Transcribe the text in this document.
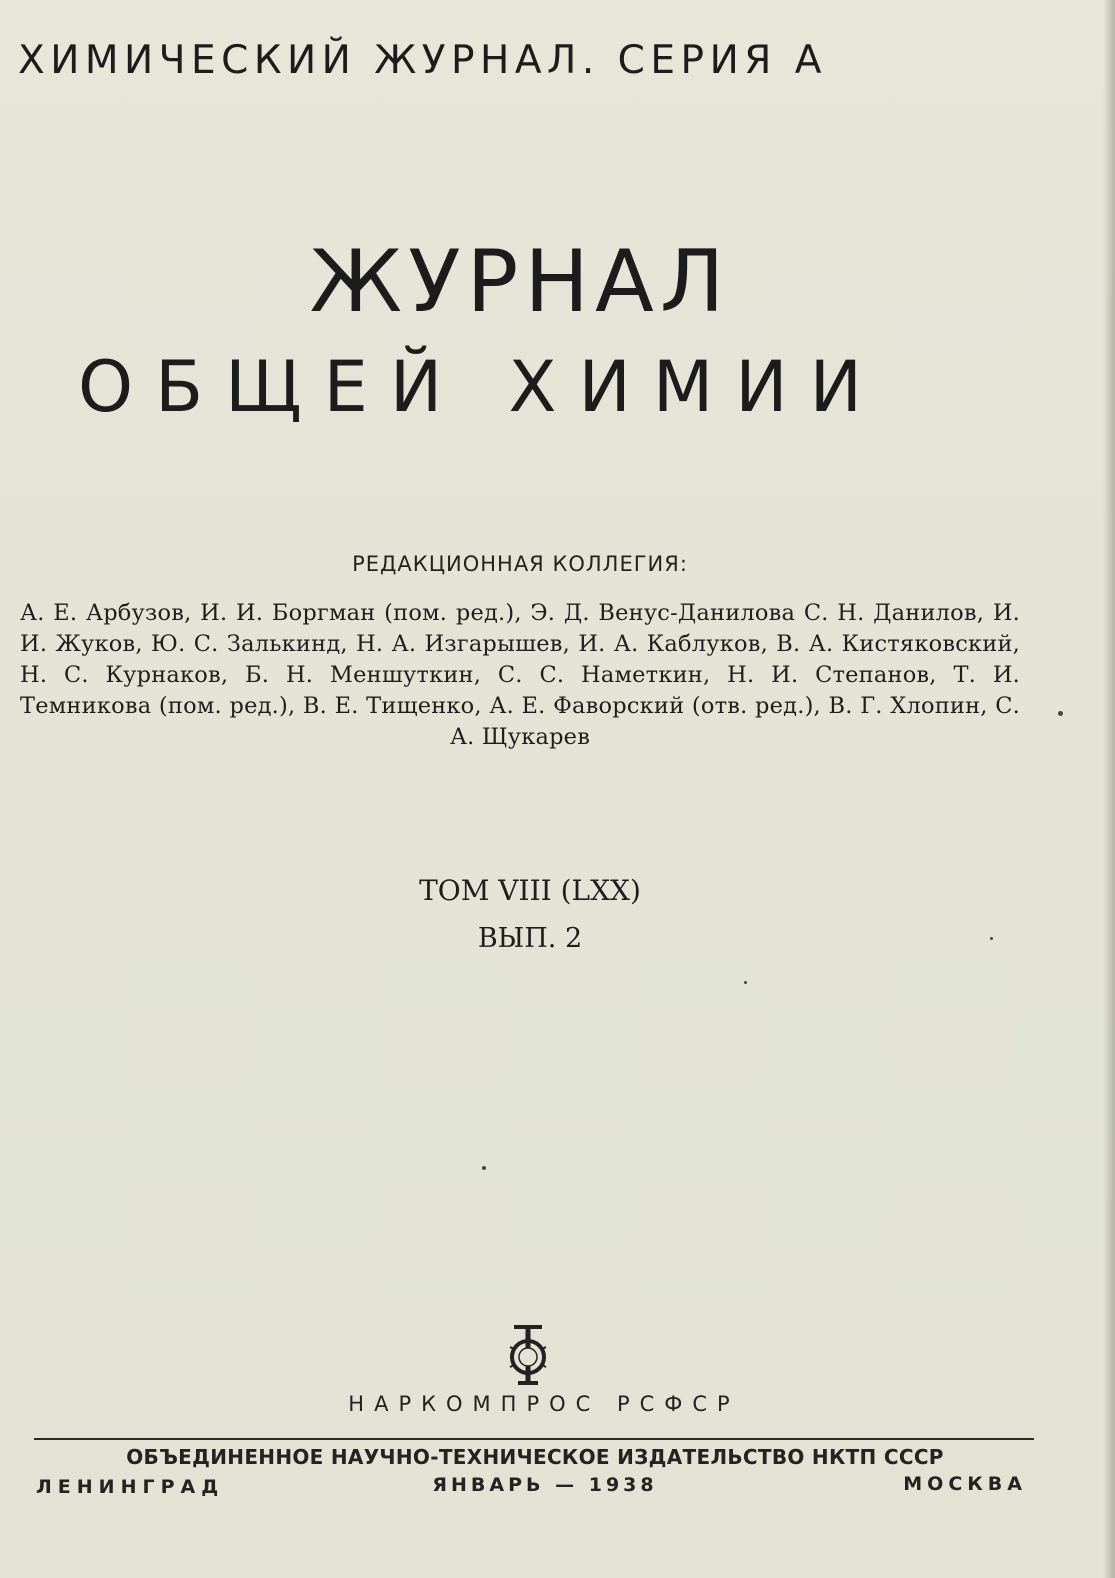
ХИМИЧЕСКИЙ ЖУРНАЛ. СЕРИЯ А
ЖУРНАЛ
ОБЩЕЙ ХИМИИ
РЕДАКЦИОННАЯ КОЛЛЕГИЯ:
А. Е. Арбузов, И. И. Боргман (пом. ред.), Э. Д. Венус-Данилова С. Н. Данилов, И. И. Жуков, Ю. С. Залькинд, Н. А. Изгарышев, И. А. Каблуков, В. А. Кистяковский, Н. С. Курнаков, Б. Н. Меншуткин, С. С. Наметкин, Н. И. Степанов, Т. И. Темникова (пом. ред.), В. Е. Тищенко, А. Е. Фаворский (отв. ред.), В. Г. Хлопин, С. А. Щукарев
ТОМ VIII (LXX)
ВЫП. 2
НАРКОМПРОС РСФСР
ОБЪЕДИНЕННОЕ НАУЧНО-ТЕХНИЧЕСКОЕ ИЗДАТЕЛЬСТВО НКТП СССР
ЛЕНИНГРАД	ЯНВАРЬ — 1938	МОСКВА
